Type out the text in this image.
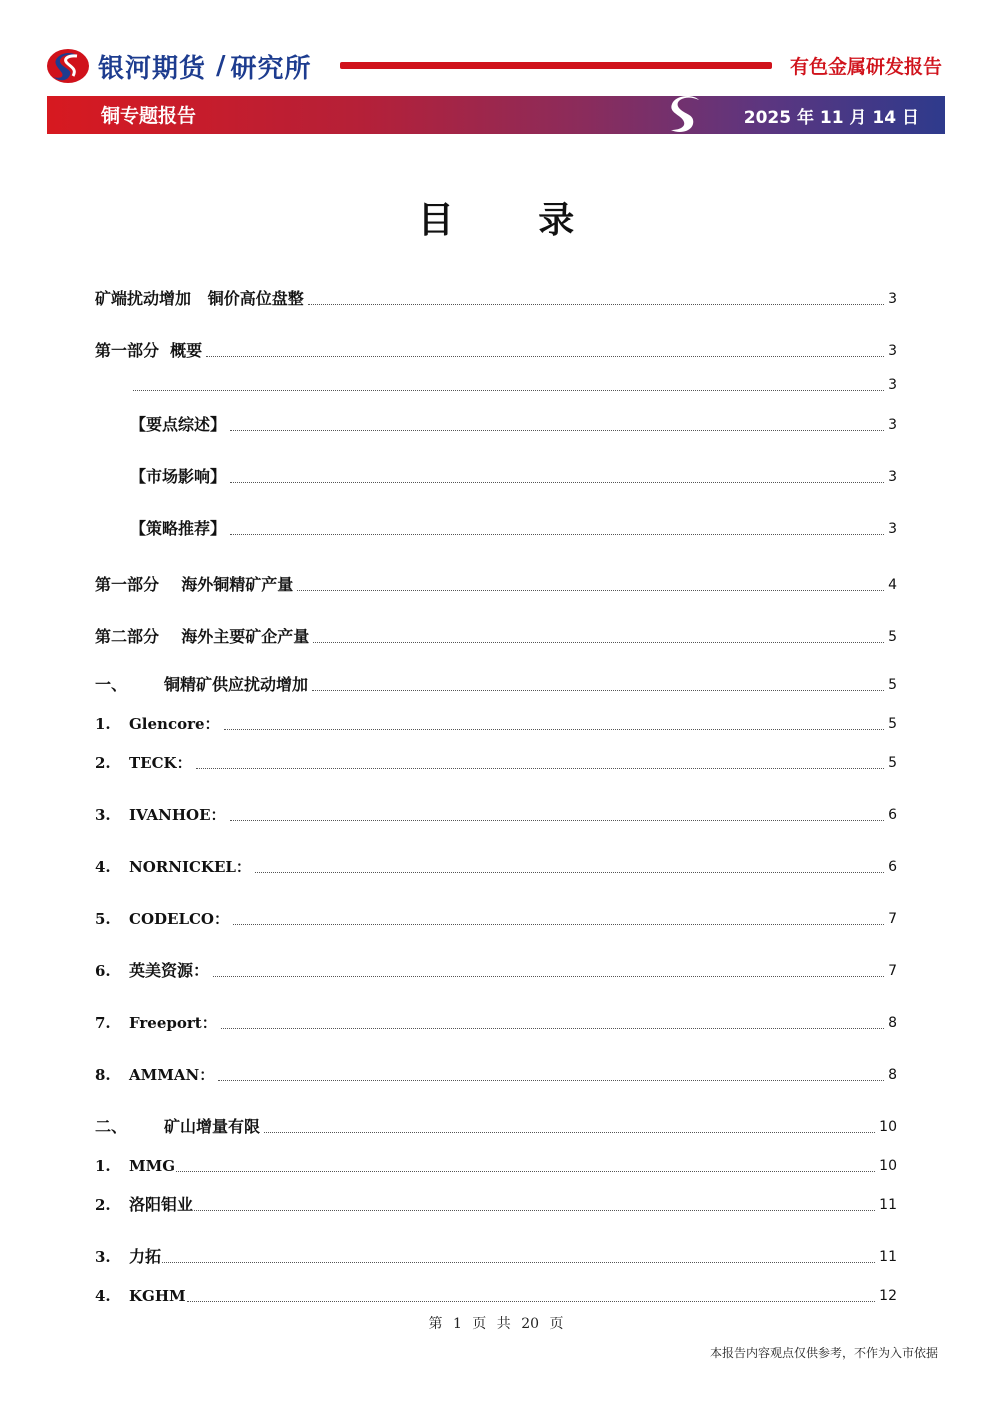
银河期货 / 研究所	有色金属研发报告
铜专题报告	2025 年 11 月 14 日
目 录
矿端扰动增加   铜价高位盘整	3
第一部分  概要	3
3
【要点综述】	3
【市场影响】	3
【策略推荐】	3
第一部分    海外铜精矿产量	4
第二部分    海外主要矿企产量	5
一、	铜精矿供应扰动增加	5
1.	Glencore：	5
2.	TECK：	5
3.	IVANHOE：	6
4.	NORNICKEL：	6
5.	CODELCO：	7
6.	英美资源：	7
7.	Freeport：	8
8.	AMMAN：	8
二、	矿山增量有限	10
1.	MMG	10
2.	洛阳钼业	11
3.	力拓	11
4.	KGHM	12
第 1 页 共 20 页
本报告内容观点仅供参考，不作为入市依据
